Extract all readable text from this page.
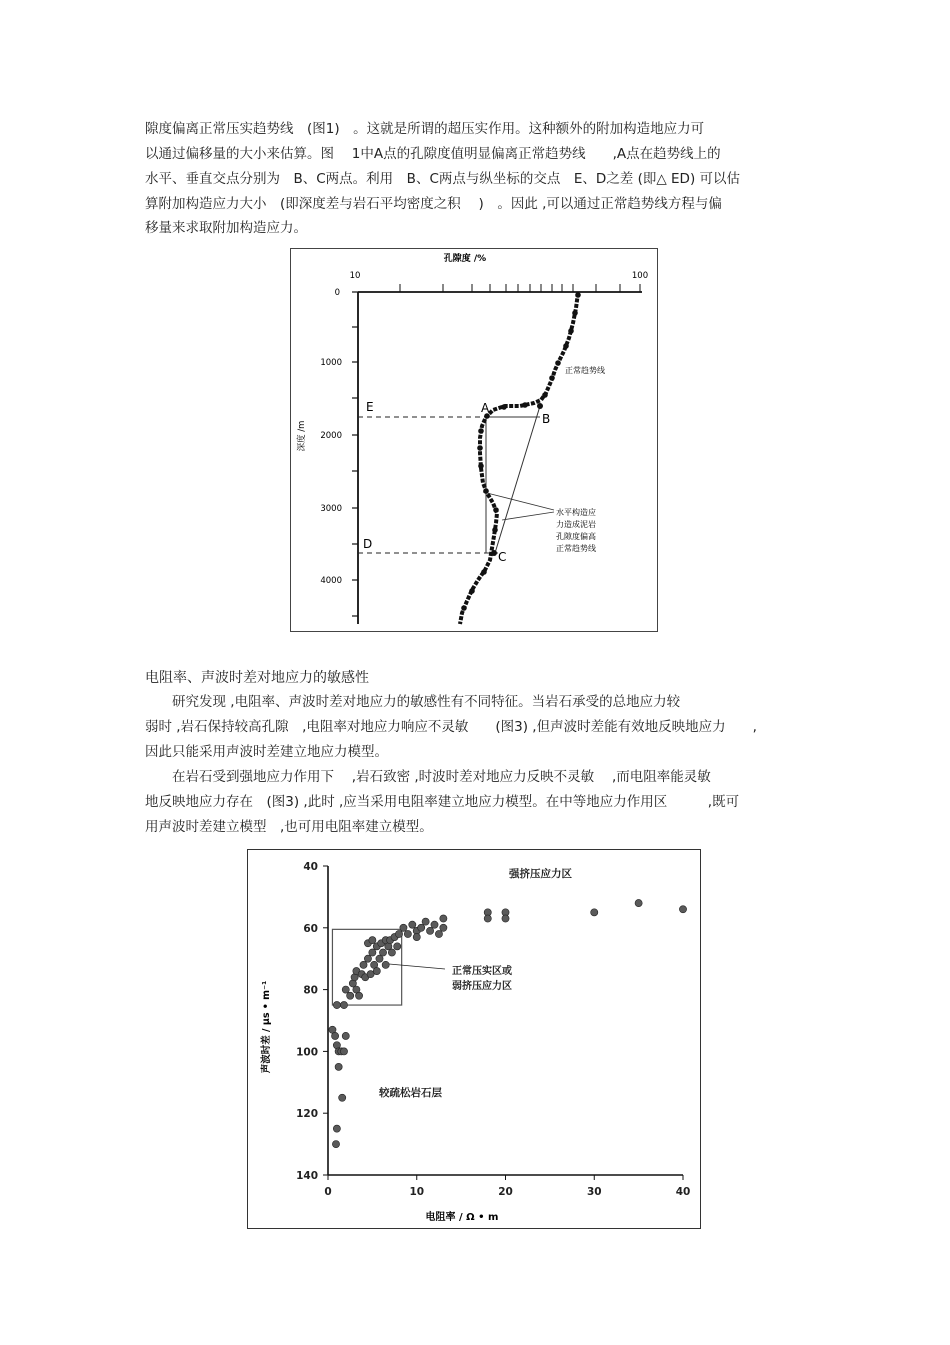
隙度偏离正常压实趋势线　(图1)　。这就是所谓的超压实作用。这种额外的附加构造地应力可
以通过偏移量的大小来估算。图　 1中A点的孔隙度值明显偏离正常趋势线　　,A点在趋势线上的
水平、垂直交点分别为　B、C两点。利用　B、C两点与纵坐标的交点　E、D之差 (即△ ED) 可以估
算附加构造应力大小　(即深度差与岩石平均密度之积　 )　。因此 ,可以通过正常趋势线方程与偏
移量来求取附加构造应力。
孔隙度 /%
10	100
0
1000
2000
3000
4000
深度 /m
正常趋势线
E	A
B
D
C
水平构造应
力造成泥岩
孔隙度偏高
正常趋势线
电阻率、声波时差对地应力的敏感性
　　研究发现 ,电阻率、声波时差对地应力的敏感性有不同特征。当岩石承受的总地应力较
弱时 ,岩石保持较高孔隙　,电阻率对地应力响应不灵敏　　(图3) ,但声波时差能有效地反映地应力　　,
因此只能采用声波时差建立地应力模型。
　　在岩石受到强地应力作用下　 ,岩石致密 ,时波时差对地应力反映不灵敏　 ,而电阻率能灵敏
地反映地应力存在　(图3) ,此时 ,应当采用电阻率建立地应力模型。在中等地应力作用区　　　,既可
用声波时差建立模型　,也可用电阻率建立模型。
0	10	20	30	40
40
60
80
100
120
140
强挤压应力区
正常压实区或
弱挤压应力区
较疏松岩石层
电阻率 / Ω • m
声波时差 / μs • m⁻¹
